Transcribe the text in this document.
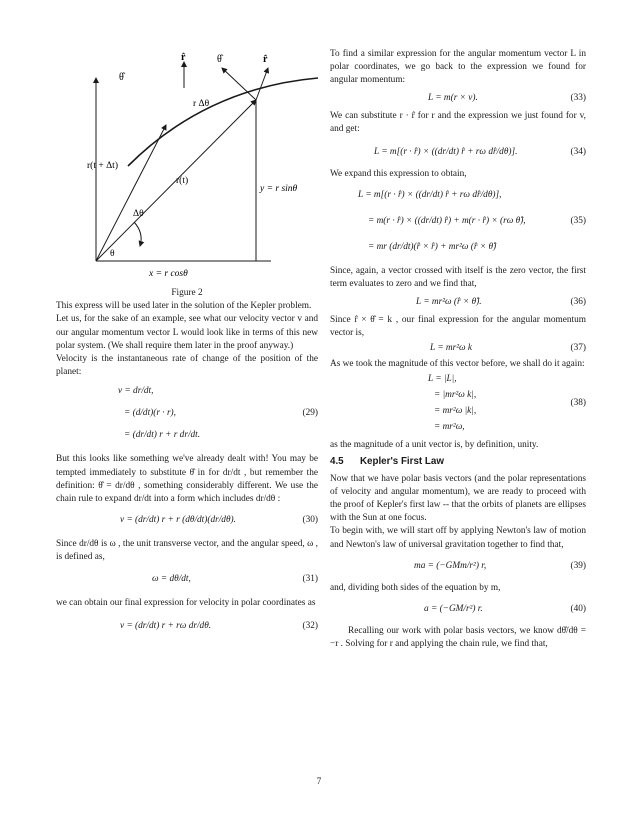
r̂	θ̂	r̂
θ̂
r Δθ
r(t + Δt)
r(t)
y = r sinθ
Δθ
θ
x = r cosθ
Figure 2

This express will be used later in the solution of the Kepler problem.

Let us, for the sake of an example, see what our velocity vector v and our angular momentum vector L would look like in terms of this new polar system. (We shall require them later in the proof anyway.)

Velocity is the instantaneous rate of change of the position of the planet:

v = dr/dt,
= (d/dt)(r · r),
= (dr/dt) r + r dr/dt.
(29)

But this looks like something we've already dealt with! You may be tempted immediately to substitute θ̂ in for dr/dt , but remember the definition: θ̂ = dr/dθ , something considerably different. We use the chain rule to expand dr/dt into a form which includes dr/dθ :

v = (dr/dt) r + r (dθ/dt)(dr/dθ).	(30)

Since dr/dθ is ω , the unit transverse vector, and the angular speed, ω , is defined as,

ω = dθ/dt,	(31)

we can obtain our final expression for velocity in polar coordinates as

v = (dr/dt) r + rω dr/dθ.	(32)

To find a similar expression for the angular momentum vector L in polar coordinates, we go back to the expression we found for angular momentum:

L = m(r × v).	(33)

We can substitute r · r̂ for r and the expression we just found for v, and get:

L = m[(r · r̂) × ((dr/dt) r̂ + rω dr̂/dθ)].	(34)

We expand this expression to obtain,

L = m[(r · r̂) × ((dr/dt) r̂ + rω dr̂/dθ)],
= m(r · r̂) × ((dr/dt) r̂) + m(r · r̂) × (rω θ̂),
= mr (dr/dt)(r̂ × r̂) + mr²ω (r̂ × θ̂)
(35)

Since, again, a vector crossed with itself is the zero vector, the first term evaluates to zero and we find that,

L = mr²ω (r̂ × θ̂).	(36)

Since r̂ × θ̂ = k , our final expression for the angular momentum vector is,

L = mr²ω k	(37)

As we took the magnitude of this vector before, we shall do it again:

L = |L|,
= |mr²ω k|,
= mr²ω |k|,
= mr²ω,
(38)

as the magnitude of a unit vector is, by definition, unity.

4.5      Kepler's First Law

Now that we have polar basis vectors (and the polar representations of velocity and angular momentum), we are ready to proceed with the proof of Kepler's first law -- that the orbits of planets are ellipses with the Sun at one focus.

To begin with, we will start off by applying Newton's law of motion and Newton's law of universal gravitation together to find that,

ma = (−GMm/r²) r,	(39)

and, dividing both sides of the equation by m,

a = (−GM/r²) r.	(40)

Recalling our work with polar basis vectors, we know dθ̂/dθ = −r . Solving for r and applying the chain rule, we find that,

7
